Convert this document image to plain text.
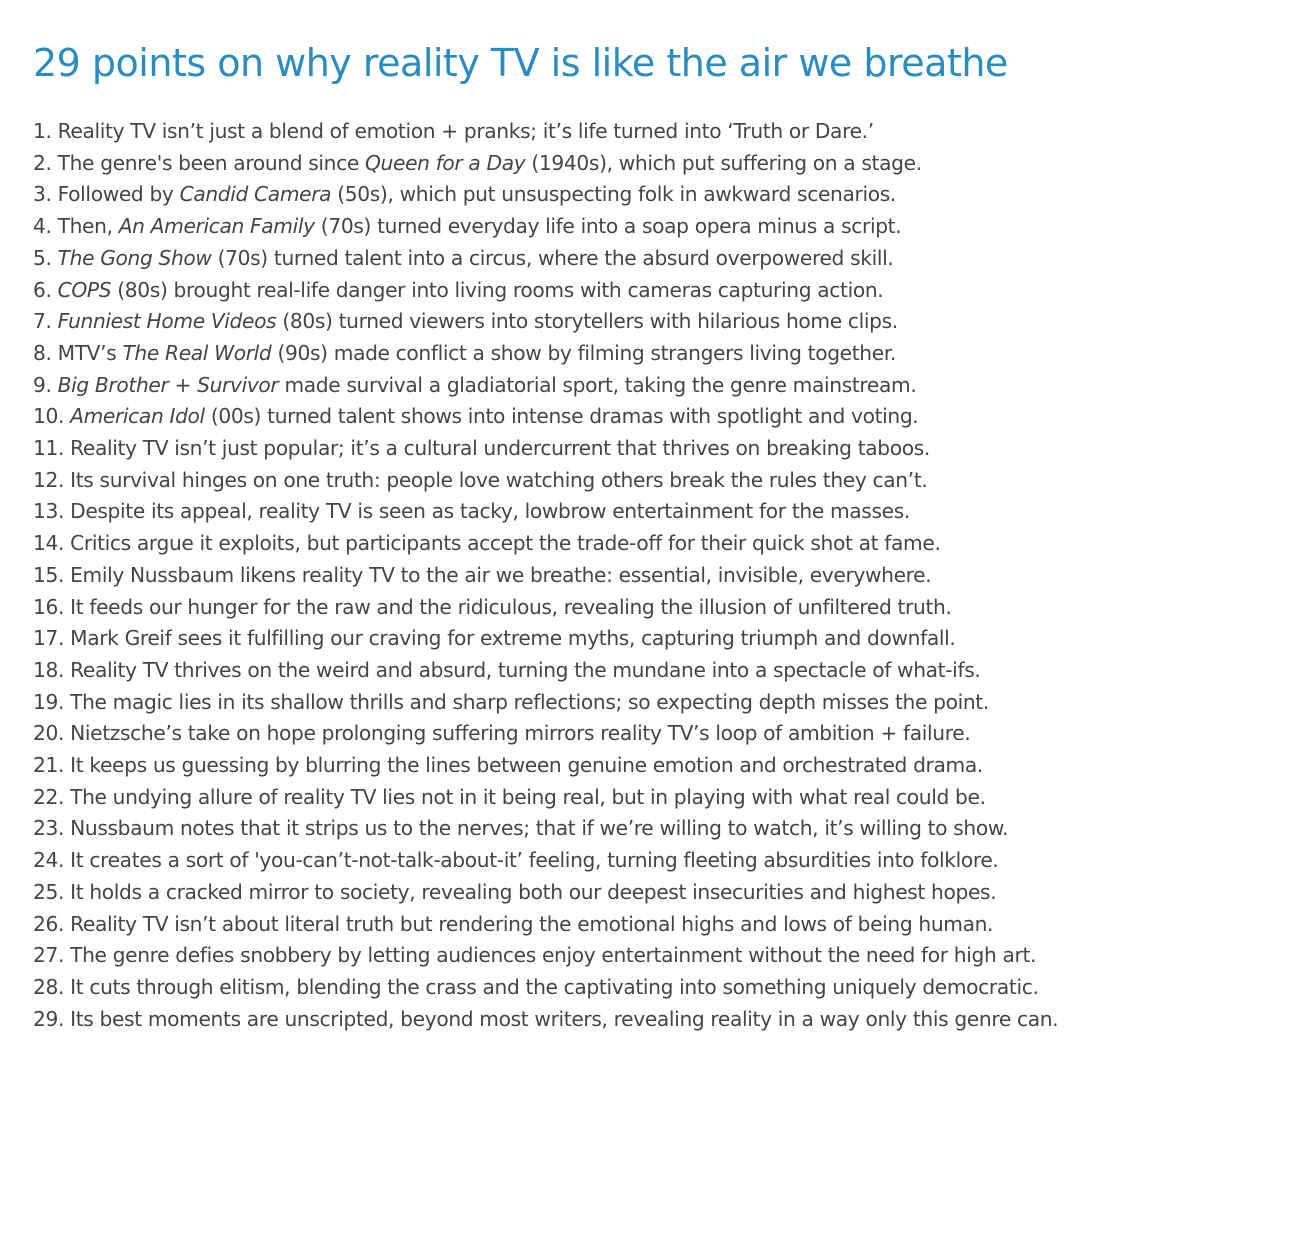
29 points on why reality TV is like the air we breathe
1. Reality TV isn’t just a blend of emotion + pranks; it’s life turned into ‘Truth or Dare.’
2. The genre's been around since Queen for a Day (1940s), which put suffering on a stage.
3. Followed by Candid Camera (50s), which put unsuspecting folk in awkward scenarios.
4. Then, An American Family (70s) turned everyday life into a soap opera minus a script.
5. The Gong Show (70s) turned talent into a circus, where the absurd overpowered skill.
6. COPS (80s) brought real-life danger into living rooms with cameras capturing action.
7. Funniest Home Videos (80s) turned viewers into storytellers with hilarious home clips.
8. MTV’s The Real World (90s) made conflict a show by filming strangers living together.
9. Big Brother + Survivor made survival a gladiatorial sport, taking the genre mainstream.
10. American Idol (00s) turned talent shows into intense dramas with spotlight and voting.
11. Reality TV isn’t just popular; it’s a cultural undercurrent that thrives on breaking taboos.
12. Its survival hinges on one truth: people love watching others break the rules they can’t.
13. Despite its appeal, reality TV is seen as tacky, lowbrow entertainment for the masses.
14. Critics argue it exploits, but participants accept the trade-off for their quick shot at fame.
15. Emily Nussbaum likens reality TV to the air we breathe: essential, invisible, everywhere.
16. It feeds our hunger for the raw and the ridiculous, revealing the illusion of unfiltered truth.
17. Mark Greif sees it fulfilling our craving for extreme myths, capturing triumph and downfall.
18. Reality TV thrives on the weird and absurd, turning the mundane into a spectacle of what-ifs.
19. The magic lies in its shallow thrills and sharp reflections; so expecting depth misses the point.
20. Nietzsche’s take on hope prolonging suffering mirrors reality TV’s loop of ambition + failure.
21. It keeps us guessing by blurring the lines between genuine emotion and orchestrated drama.
22. The undying allure of reality TV lies not in it being real, but in playing with what real could be.
23. Nussbaum notes that it strips us to the nerves; that if we’re willing to watch, it’s willing to show.
24. It creates a sort of 'you-can’t-not-talk-about-it’ feeling, turning fleeting absurdities into folklore.
25. It holds a cracked mirror to society, revealing both our deepest insecurities and highest hopes.
26. Reality TV isn’t about literal truth but rendering the emotional highs and lows of being human.
27. The genre defies snobbery by letting audiences enjoy entertainment without the need for high art.
28. It cuts through elitism, blending the crass and the captivating into something uniquely democratic.
29. Its best moments are unscripted, beyond most writers, revealing reality in a way only this genre can.
